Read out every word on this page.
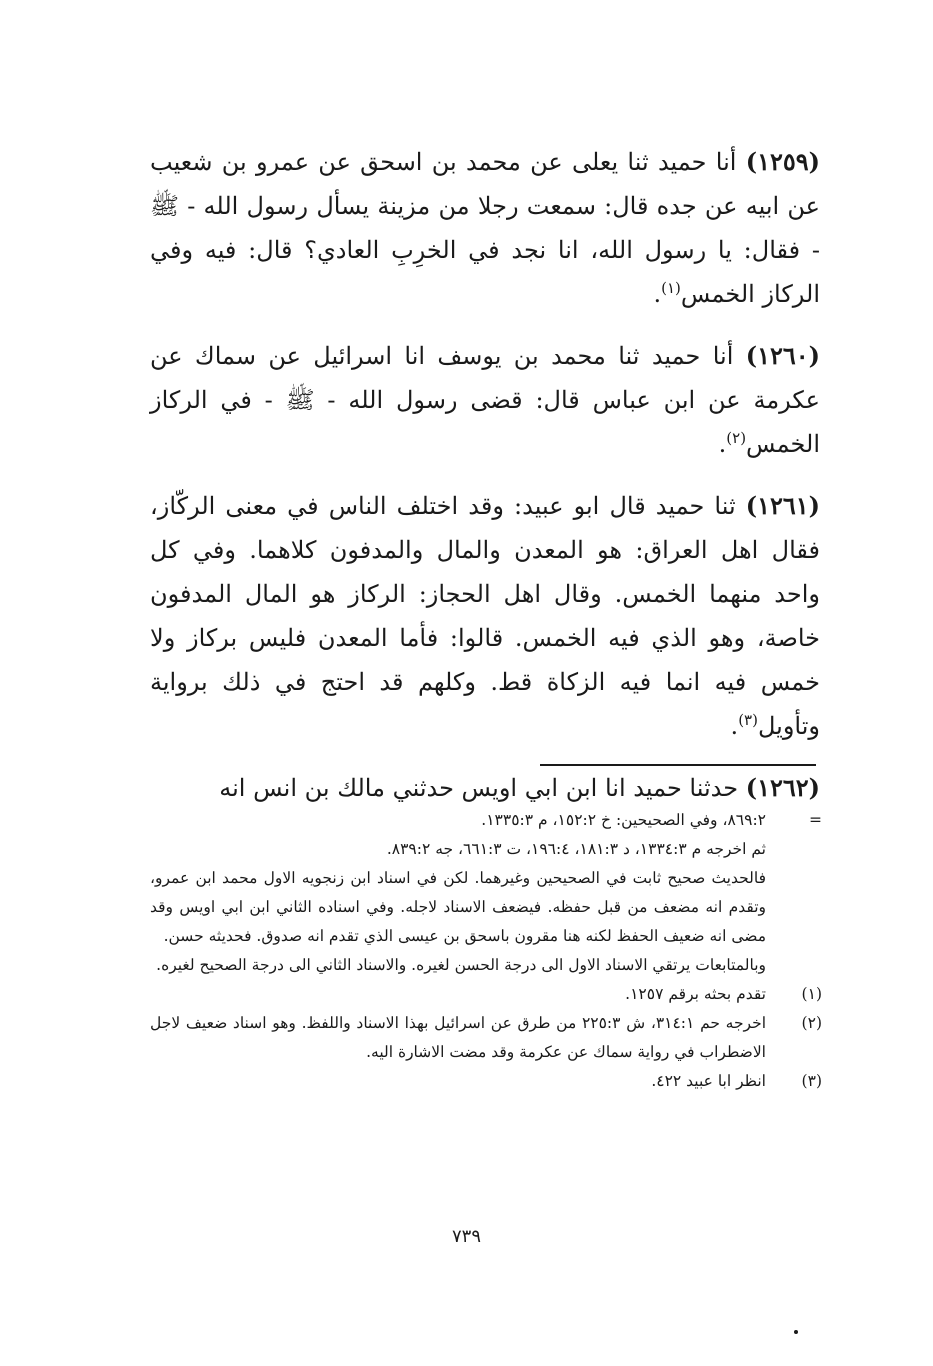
(١٢٥٩) أنا حميد ثنا يعلى عن محمد بن اسحق عن عمرو بن شعيب عن ابيه عن جده قال: سمعت رجلا من مزينة يسأل رسول الله - ﷺ - فقال: يا رسول الله، انا نجد في الخرِبِ العادي؟ قال: فيه وفي الركاز الخمس$^{(١)}$.

(١٢٦٠) أنا حميد ثنا محمد بن يوسف انا اسرائيل عن سماك عن عكرمة عن ابن عباس قال: قضى رسول الله - ﷺ - في الركاز الخمس$^{(٢)}$.

(١٢٦١) ثنا حميد قال ابو عبيد: وقد اختلف الناس في معنى الركّاز، فقال اهل العراق: هو المعدن والمال والمدفون كلاهما. وفي كل واحد منهما الخمس. وقال اهل الحجاز: الركاز هو المال المدفون خاصة، وهو الذي فيه الخمس. قالوا: فأما المعدن فليس بركاز ولا خمس فيه انما فيه الزكاة قط. وكلهم قد احتج في ذلك برواية وتأويل$^{(٣)}$.

(١٢٦٢) حدثنا حميد انا ابن ابي اويس حدثني مالك بن انس انه

=
٨٦٩:٢، وفي الصحيحين: خ ١٥٢:٢، م ١٣٣٥:٣.
ثم اخرجه م ١٣٣٤:٣، د ١٨١:٣، ١٩٦:٤، ت ٦٦١:٣، جه ٨٣٩:٢.
فالحديث صحيح ثابت في الصحيحين وغيرهما. لكن في اسناد ابن زنجويه الاول محمد ابن عمرو، وتقدم انه مضعف من قبل حفظه. فيضعف الاسناد لاجله. وفي اسناده الثاني ابن ابي اويس وقد مضى انه ضعيف الحفظ لكنه هنا مقرون باسحق بن عيسى الذي تقدم انه صدوق. فحديثه حسن.
وبالمتابعات يرتقي الاسناد الاول الى درجة الحسن لغيره. والاسناد الثاني الى درجة الصحيح لغيره.
(١)
تقدم بحثه برقم ١٢٥٧.
(٢)
اخرجه حم ٣١٤:١، ش ٢٢٥:٣ من طرق عن اسرائيل بهذا الاسناد واللفظ. وهو اسناد ضعيف لاجل الاضطراب في رواية سماك عن عكرمة وقد مضت الاشارة اليه.
(٣)
انظر ابا عبيد ٤٢٢.
٧٣٩
